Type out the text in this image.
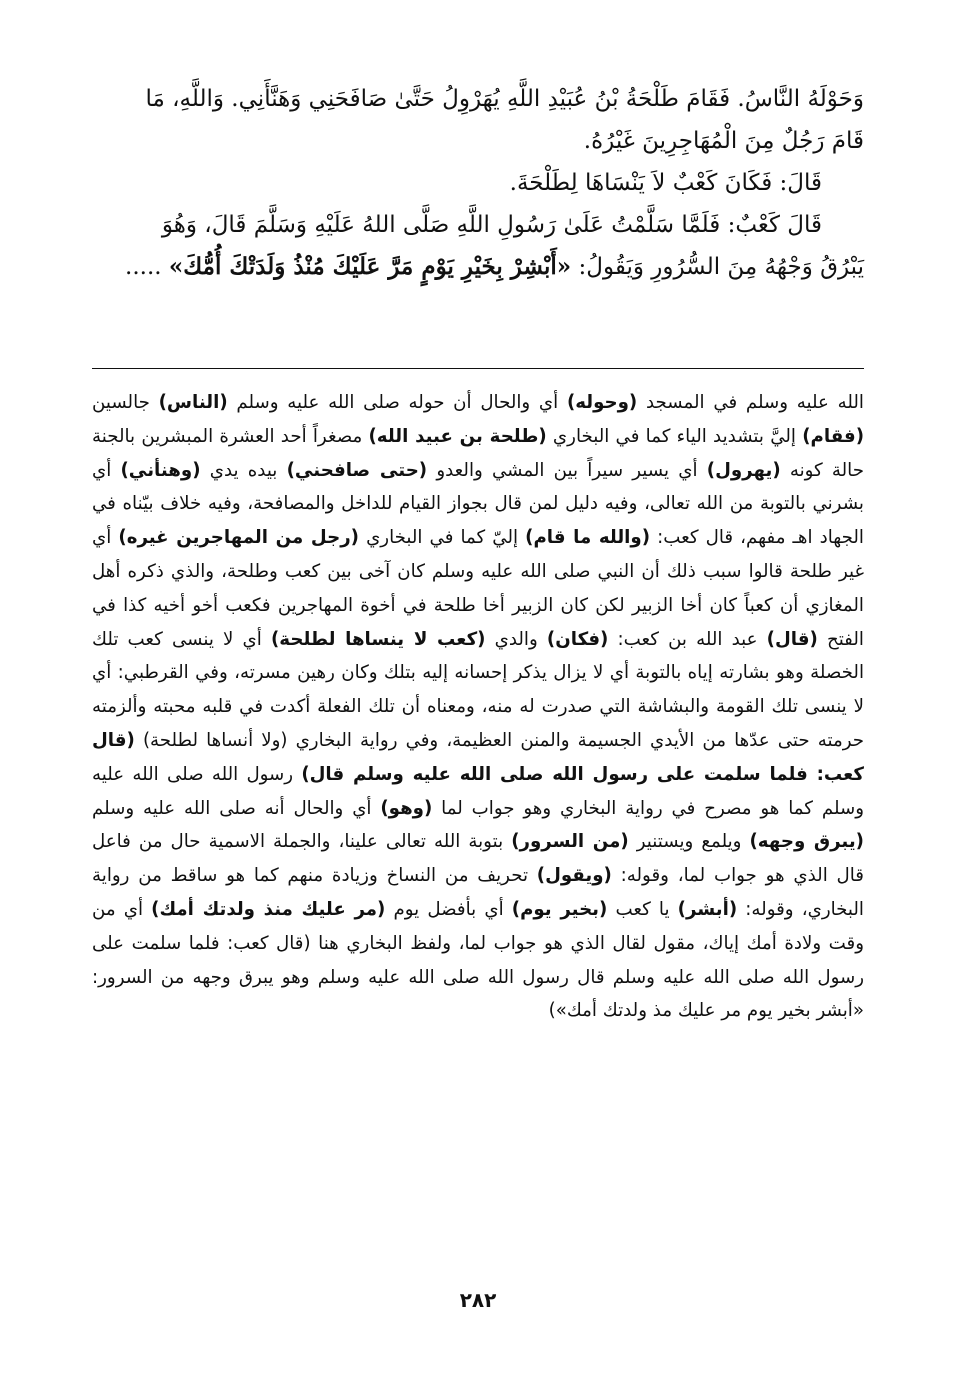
وَحَوْلَهُ النَّاسُ. فَقَامَ طَلْحَةُ بْنُ عُبَيْدِ اللَّهِ يُهَرْوِلُ حَتَّىٰ صَافَحَنِي وَهَنَّأَنِي. وَاللَّهِ، مَا

قَامَ رَجُلٌ مِنَ الْمُهَاجِرِينَ غَيْرُهُ.

قَالَ: فَكَانَ كَعْبٌ لاَ يَنْسَاهَا لِطَلْحَةَ.

قَالَ كَعْبٌ: فَلَمَّا سَلَّمْتُ عَلَىٰ رَسُولِ اللَّهِ صَلَّى اللهُ عَلَيْهِ وَسَلَّمَ قَالَ، وَهُوَ

يَبْرُقُ وَجْهُهُ مِنَ السُّرُورِ وَيَقُولُ: «أَبْشِرْ بِخَيْرِ يَوْمٍ مَرَّ عَلَيْكَ مُنْذُ وَلَدَتْكَ أُمُّكَ» .....

الله عليه وسلم في المسجد (وحوله) أي والحال أن حوله صلى الله عليه وسلم (الناس) جالسين (فقام) إليَّ بتشديد الياء كما في البخاري (طلحة بن عبيد الله) مصغراً أحد العشرة المبشرين بالجنة حالة كونه (يهرول) أي يسير سيراً بين المشي والعدو (حتى صافحني) بيده يدي (وهنأني) أي بشرني بالتوبة من الله تعالى، وفيه دليل لمن قال بجواز القيام للداخل والمصافحة، وفيه خلاف بيّناه في الجهاد اهـ مفهم، قال كعب: (والله ما قام) إليّ كما في البخاري (رجل من المهاجرين غيره) أي غير طلحة قالوا سبب ذلك أن النبي صلى الله عليه وسلم كان آخى بين كعب وطلحة، والذي ذكره أهل المغازي أن كعباً كان أخا الزبير لكن كان الزبير أخا طلحة في أخوة المهاجرين فكعب أخو أخيه كذا في الفتح (قال) عبد الله بن كعب: (فكان) والدي (كعب لا ينساها لطلحة) أي لا ينسى كعب تلك الخصلة وهو بشارته إياه بالتوبة أي لا يزال يذكر إحسانه إليه بتلك وكان رهين مسرته، وفي القرطبي: أي لا ينسى تلك القومة والبشاشة التي صدرت له منه، ومعناه أن تلك الفعلة أكدت في قلبه محبته وألزمته حرمته حتى عدّها من الأيدي الجسيمة والمنن العظيمة، وفي رواية البخاري (ولا أنساها لطلحة) (قال كعب: فلما سلمت على رسول الله صلى الله عليه وسلم قال) رسول الله صلى الله عليه وسلم كما هو مصرح في رواية البخاري وهو جواب لما (وهو) أي والحال أنه صلى الله عليه وسلم (يبرق وجهه) ويلمع ويستنير (من السرور) بتوبة الله تعالى علينا، والجملة الاسمية حال من فاعل قال الذي هو جواب لما، وقوله: (ويقول) تحريف من النساخ وزيادة منهم كما هو ساقط من رواية البخاري، وقوله: (أبشر) يا كعب (بخير يوم) أي بأفضل يوم (مر عليك منذ ولدتك أمك) أي من وقت ولادة أمك إياك، مقول لقال الذي هو جواب لما، ولفظ البخاري هنا (قال كعب: فلما سلمت على رسول الله صلى الله عليه وسلم قال رسول الله صلى الله عليه وسلم وهو يبرق وجهه من السرور: «أبشر بخير يوم مر عليك مذ ولدتك أمك»)
٢٨٢
